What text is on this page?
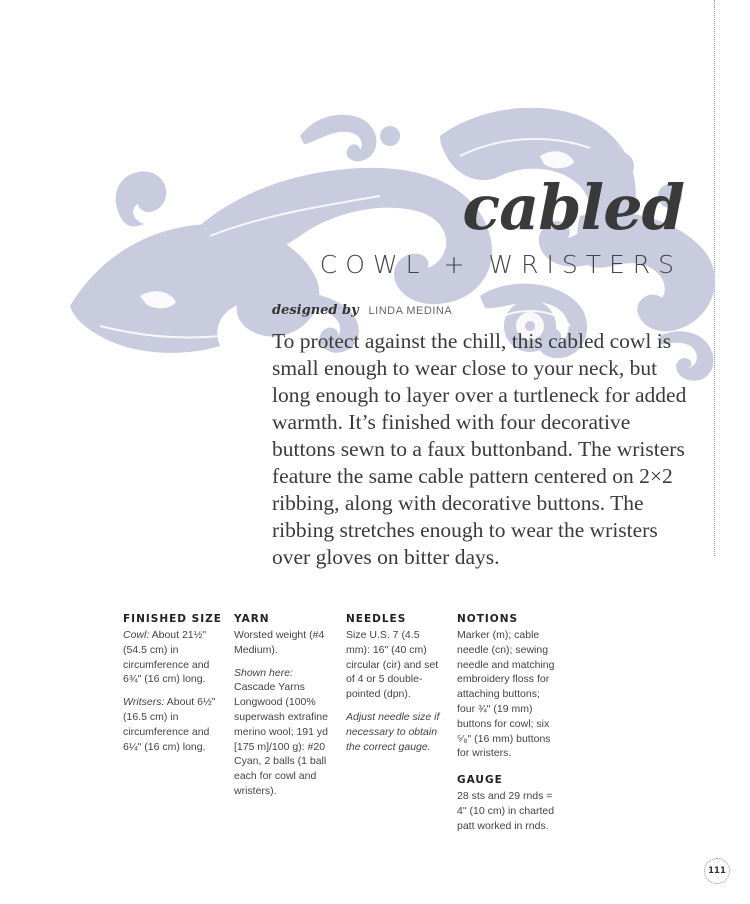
cabled
COWL + WRISTERS
designed by LINDA MEDINA

To protect against the chill, this cabled cowl is small enough to wear close to your neck, but long enough to layer over a turtleneck for added warmth. It’s finished with four decorative buttons sewn to a faux buttonband. The wristers feature the same cable pattern centered on 2×2 ribbing, along with decorative buttons. The ribbing stretches enough to wear the wristers over gloves on bitter days.

FINISHED SIZE

Cowl: About 21½" (54.5 cm) in circumference and 6¾" (16 cm) long.

Writsers: About 6½" (16.5 cm) in circumference and 6¼" (16 cm) long.

YARN

Worsted weight (#4 Medium).

Shown here: Cascade Yarns Longwood (100% superwash extrafine merino wool; 191 yd [175 m]/100 g): #20 Cyan, 2 balls (1 ball each for cowl and wristers).

NEEDLES

Size U.S. 7 (4.5 mm): 16" (40 cm) circular (cir) and set of 4 or 5 double-pointed (dpn).

Adjust needle size if necessary to obtain the correct gauge.

NOTIONS

Marker (m); cable needle (cn); sewing needle and matching embroidery floss for attaching buttons; four ¾" (19 mm) buttons for cowl; six ⁵⁄₈" (16 mm) buttons for wristers.

GAUGE

28 sts and 29 rnds = 4" (10 cm) in charted patt worked in rnds.

111
